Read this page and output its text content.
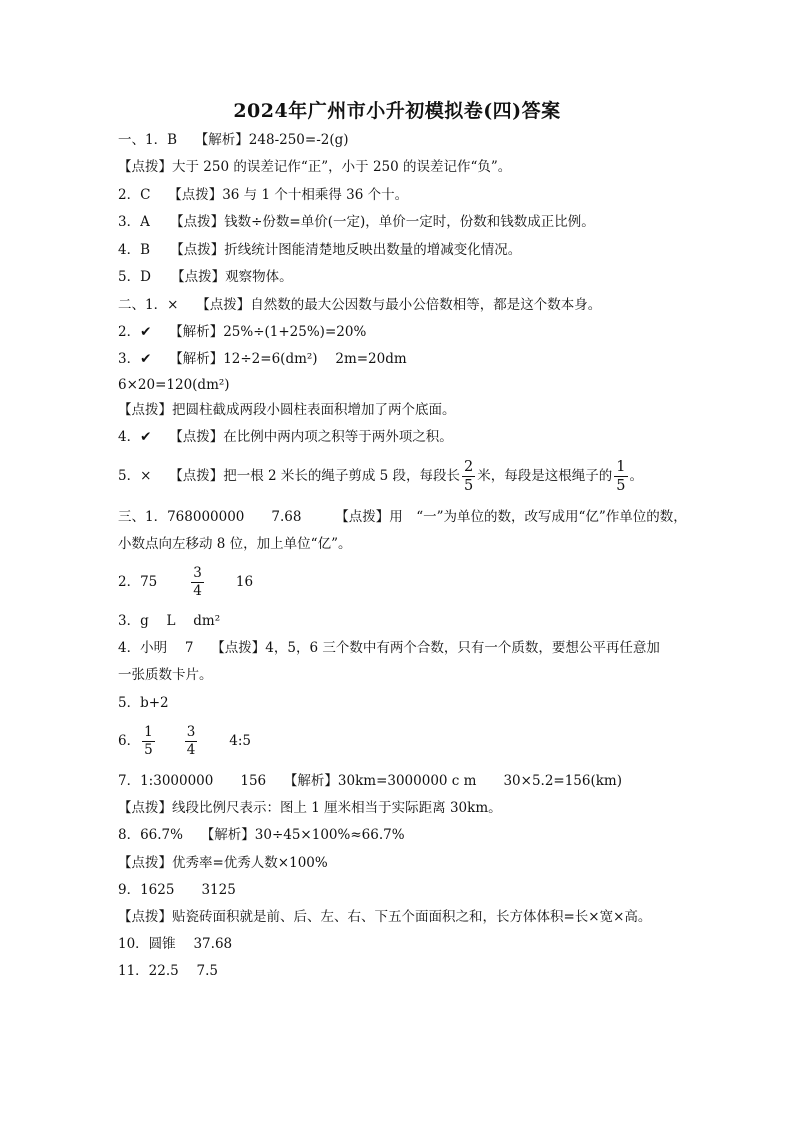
2024年广州市小升初模拟卷(四)答案
一、1．B　 【解析】248-250=-2(g)
【点拨】大于 250 的误差记作“正”，小于 250 的误差记作“负”。
2．C　 【点拨】36 与 1 个十相乘得 36 个十。
3．A　　【点拨】钱数÷份数=单价(一定)，单价一定时，份数和钱数成正比例。
4．B　　【点拨】折线统计图能清楚地反映出数量的增减变化情况。
5．D　　【点拨】观察物体。
二、1．×　 【点拨】自然数的最大公因数与最小公倍数相等，都是这个数本身。
2．✔　 【解析】25%÷(1+25%)=20%
3．✔　 【解析】12÷2=6(dm²)　 2m=20dm
6×20=120(dm²)
【点拨】把圆柱截成两段小圆柱表面积增加了两个底面。
4．✔　 【点拨】在比例中两内项之积等于两外项之积。
5．×　 【点拨】把一根 2 米长的绳子剪成 5 段，每段长 $\frac{2}{5}$ 米，每段是这根绳子的 $\frac{1}{5}$ 。
三、1．768000000　　7.68　　　【点拨】用　“一”为单位的数，改写成用“亿”作单位的数，
小数点向左移动 8 位，加上单位“亿”。
2．75	$\frac{3}{4} 16$
3．g　 L　 dm²
4．小明　 7　 【点拨】4，5，6 三个数中有两个合数，只有一个质数，要想公平再任意加
一张质数卡片。
5．b+2
6． $\frac{1}{5} \frac{3}{4}$ 4:5
7．1:3000000　　156　 【解析】30km=3000000 c m　　30×5.2=156(km)
【点拨】线段比例尺表示：图上 1 厘米相当于实际距离 30km。
8．66.7%　 【解析】30÷45×100%≈66.7%
【点拨】优秀率=优秀人数×100%
9．1625　　3125
【点拨】贴瓷砖面积就是前、后、左、右、下五个面面积之和，长方体体积=长×宽×高。
10．圆锥　 37.68
11．22.5　 7.5
